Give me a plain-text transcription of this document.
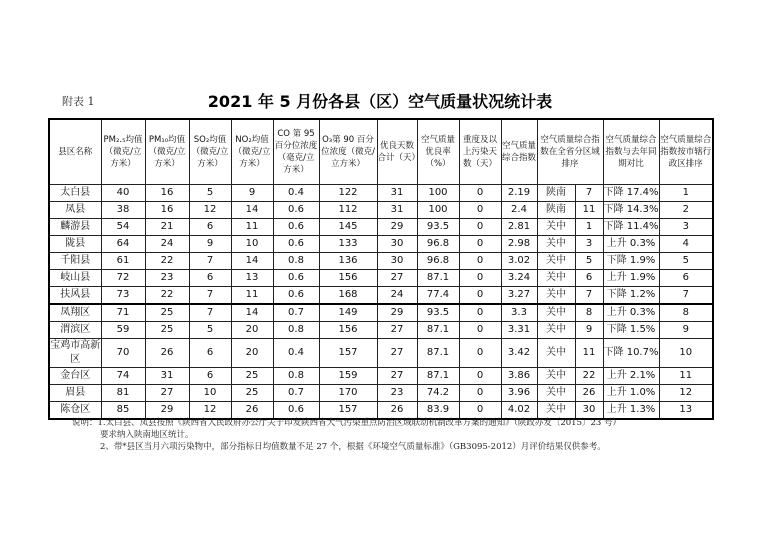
附表 1	2021 年 5 月份各县（区）空气质量状况统计表
县区名称	PM₂.₅均值（微克/立方米）	PM₁₀均值（微克/立方米）	SO₂均值（微克/立方米）	NO₂均值（微克/立方米）	CO 第 95 百分位浓度（毫克/立方米）	O₃第 90 百分位浓度（微克/立方米）	优良天数合计（天）	空气质量优良率（%）	重度及以上污染天数（天）	空气质量综合指数	空气质量综合指数在全省分区域排序		空气质量综合指数与去年同期对比	空气质量综合指数按市辖行政区排序
太白县	40	16	5	9	0.4	122	31	100	0	2.19	陕南	7	下降 17.4%	1
凤县	38	16	12	14	0.6	112	31	100	0	2.4	陕南	11	下降 14.3%	2
麟游县	54	21	6	11	0.6	145	29	93.5	0	2.81	关中	1	下降 11.4%	3
陇县	64	24	9	10	0.6	133	30	96.8	0	2.98	关中	3	上升 0.3%	4
千阳县	61	22	7	14	0.8	136	30	96.8	0	3.02	关中	5	下降 1.9%	5
岐山县	72	23	6	13	0.6	156	27	87.1	0	3.24	关中	6	上升 1.9%	6
扶风县	73	22	7	11	0.6	168	24	77.4	0	3.27	关中	7	下降 1.2%	7
凤翔区	71	25	7	14	0.7	149	29	93.5	0	3.3	关中	8	上升 0.3%	8
渭滨区	59	25	5	20	0.8	156	27	87.1	0	3.31	关中	9	下降 1.5%	9
宝鸡市高新区	70	26	6	20	0.4	157	27	87.1	0	3.42	关中	11	下降 10.7%	10
金台区	74	31	6	25	0.8	159	27	87.1	0	3.86	关中	22	上升 2.1%	11
眉县	81	27	10	25	0.7	170	23	74.2	0	3.96	关中	26	上升 1.0%	12
陈仓区	85	29	12	26	0.6	157	26	83.9	0	4.02	关中	30	上升 1.3%	13
说明：1.太白县、凤县按照《陕西省人民政府办公厅关于印发陕西省大气污染重点防治区域联动机制改革方案的通知》（陕政办发〔2015〕23 号）
要求纳入陕南地区统计。
2、带*县区当月六项污染物中，部分指标日均值数量不足 27 个，根据《环境空气质量标准》（GB3095-2012）月评价结果仅供参考。
